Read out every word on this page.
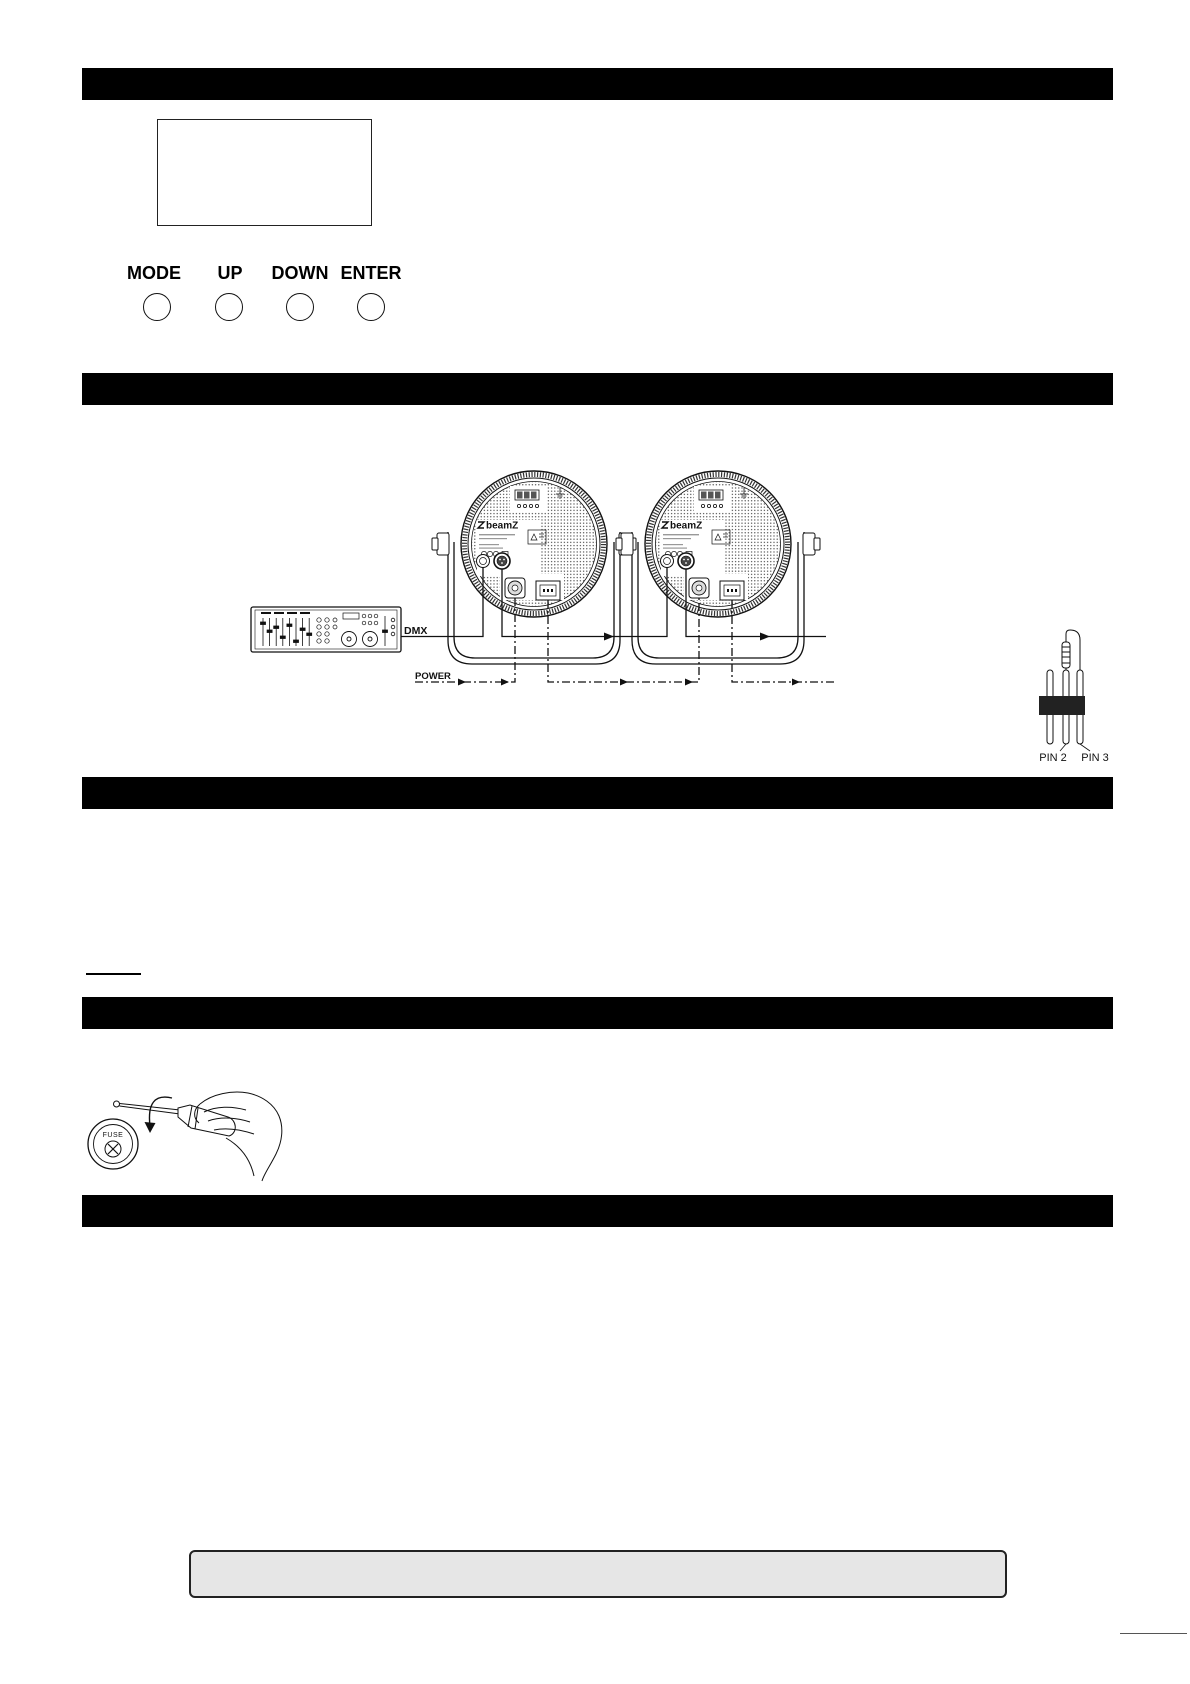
MODE	UP	DOWN ENTER
beamZ	beamZ
DMX
POWER
PIN 2 PIN 3
FUSE
